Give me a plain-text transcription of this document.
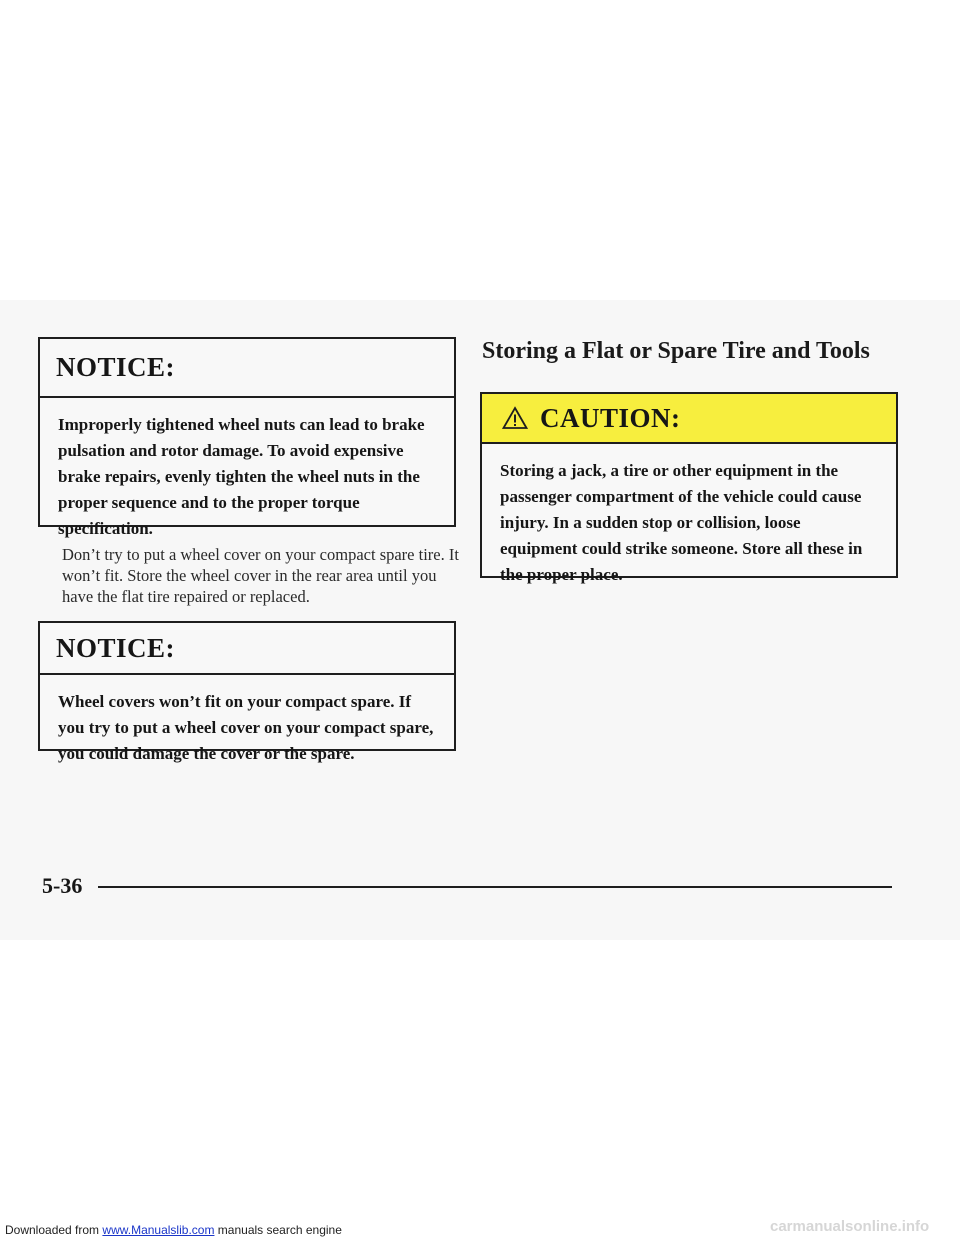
NOTICE:
Improperly tightened wheel nuts can lead to brake pulsation and rotor damage. To avoid expensive brake repairs, evenly tighten the wheel nuts in the proper sequence and to the proper torque specification.
Don’t try to put a wheel cover on your compact spare tire. It won’t fit. Store the wheel cover in the rear area until you have the flat tire repaired or replaced.
NOTICE:
Wheel covers won’t fit on your compact spare. If you try to put a wheel cover on your compact spare, you could damage the cover or the spare.
Storing a Flat or Spare Tire and Tools
CAUTION:
Storing a jack, a tire or other equipment in the passenger compartment of the vehicle could cause injury. In a sudden stop or collision, loose equipment could strike someone. Store all these in the proper place.
5-36
Downloaded from www.Manualslib.com manuals search engine	carmanualsonline.info
